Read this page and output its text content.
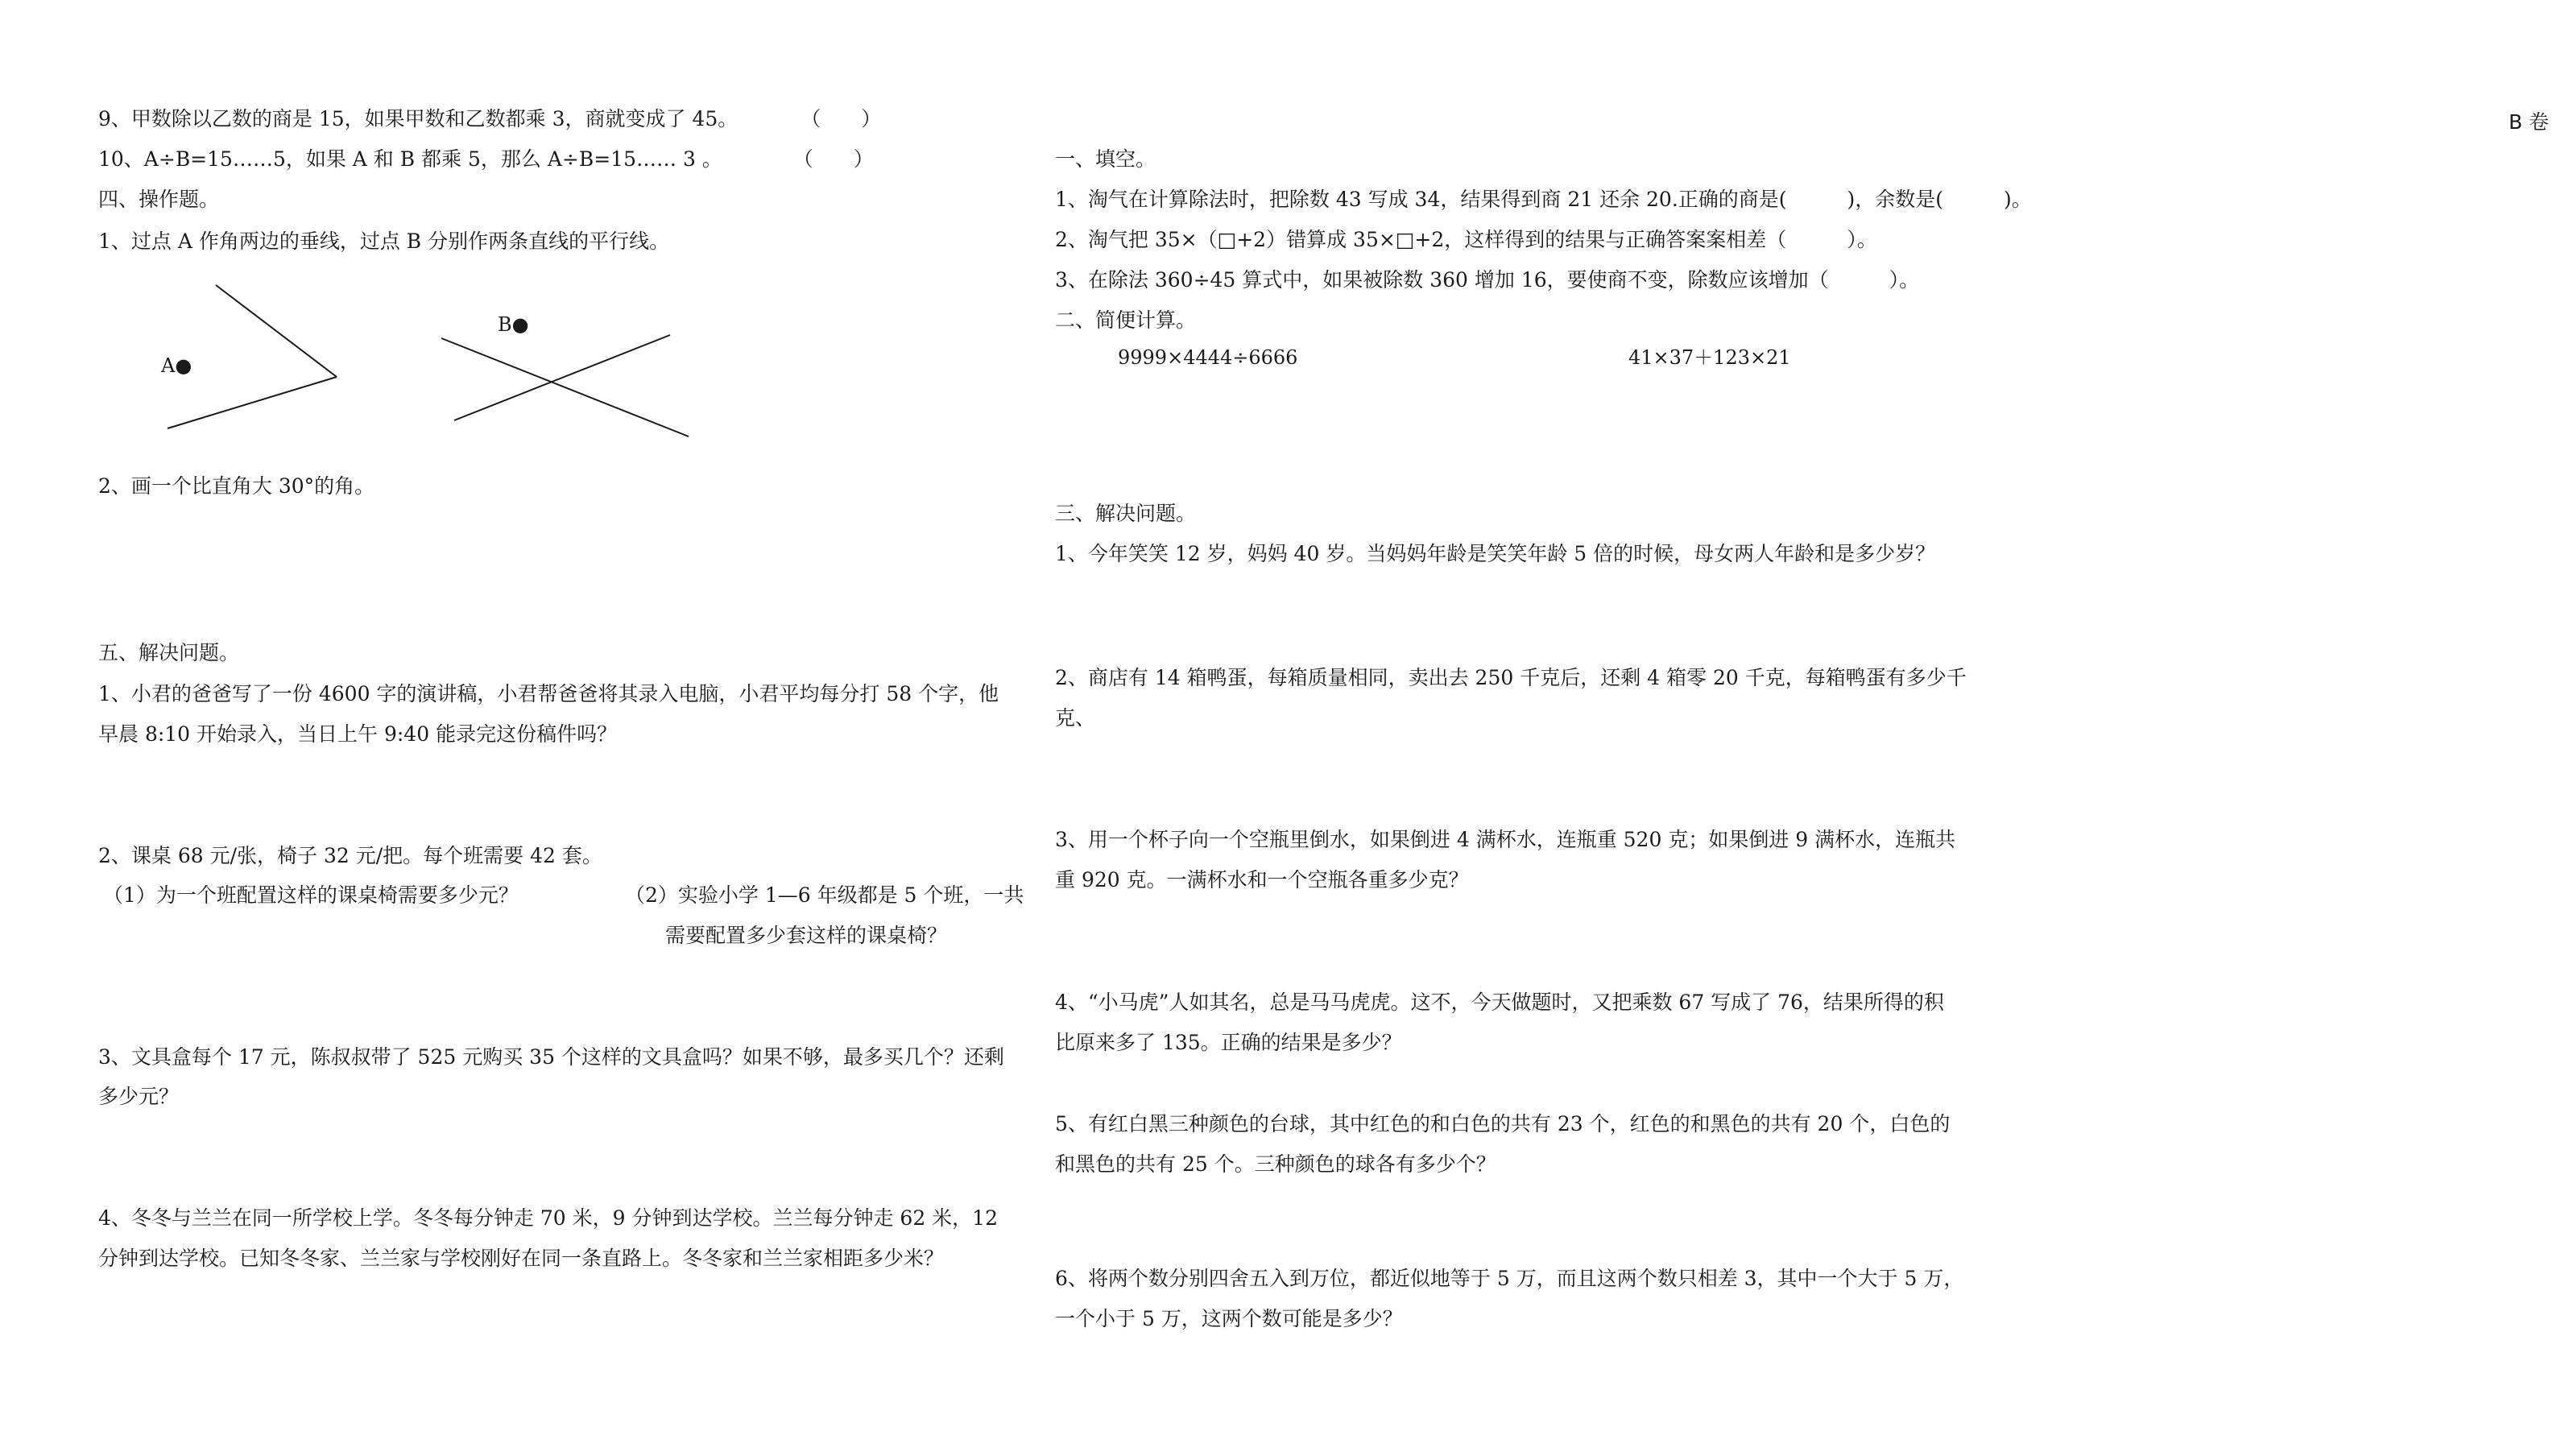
9、甲数除以乙数的商是 15，如果甲数和乙数都乘 3，商就变成了 45。	（　　）
10、A÷B=15……5，如果 A 和 B 都乘 5，那么 A÷B=15…… 3 。	（　　）
四、操作题。
1、过点 A 作角两边的垂线，过点 B 分别作两条直线的平行线。
A●
B●
2、画一个比直角大 30°的角。
五、解决问题。
1、小君的爸爸写了一份 4600 字的演讲稿，小君帮爸爸将其录入电脑，小君平均每分打 58 个字，他
早晨 8:10 开始录入，当日上午 9:40 能录完这份稿件吗？
2、课桌 68 元/张，椅子 32 元/把。每个班需要 42 套。
（1）为一个班配置这样的课桌椅需要多少元？	（2）实验小学 1—6 年级都是 5 个班，一共
需要配置多少套这样的课桌椅？
3、文具盒每个 17 元，陈叔叔带了 525 元购买 35 个这样的文具盒吗？如果不够，最多买几个？还剩
多少元？
4、冬冬与兰兰在同一所学校上学。冬冬每分钟走 70 米，9 分钟到达学校。兰兰每分钟走 62 米，12
分钟到达学校。已知冬冬家、兰兰家与学校刚好在同一条直路上。冬冬家和兰兰家相距多少米？
B 卷
一、填空。
1、淘气在计算除法时，把除数 43 写成 34，结果得到商 21 还余 20.正确的商是(　　　)，余数是(　　　)。
2、淘气把 35×（□+2）错算成 35×□+2，这样得到的结果与正确答案案相差（　　　）。
3、在除法 360÷45 算式中，如果被除数 360 增加 16，要使商不变，除数应该增加（　　　）。
二、简便计算。
9999×4444÷6666	41×37＋123×21
三、解决问题。
1、今年笑笑 12 岁，妈妈 40 岁。当妈妈年龄是笑笑年龄 5 倍的时候，母女两人年龄和是多少岁？
2、商店有 14 箱鸭蛋，每箱质量相同，卖出去 250 千克后，还剩 4 箱零 20 千克，每箱鸭蛋有多少千
克、
3、用一个杯子向一个空瓶里倒水，如果倒进 4 满杯水，连瓶重 520 克；如果倒进 9 满杯水，连瓶共
重 920 克。一满杯水和一个空瓶各重多少克？
4、“小马虎”人如其名，总是马马虎虎。这不，今天做题时，又把乘数 67 写成了 76，结果所得的积
比原来多了 135。正确的结果是多少？
5、有红白黑三种颜色的台球，其中红色的和白色的共有 23 个，红色的和黑色的共有 20 个，白色的
和黑色的共有 25 个。三种颜色的球各有多少个？
6、将两个数分别四舍五入到万位，都近似地等于 5 万，而且这两个数只相差 3，其中一个大于 5 万，
一个小于 5 万，这两个数可能是多少？
